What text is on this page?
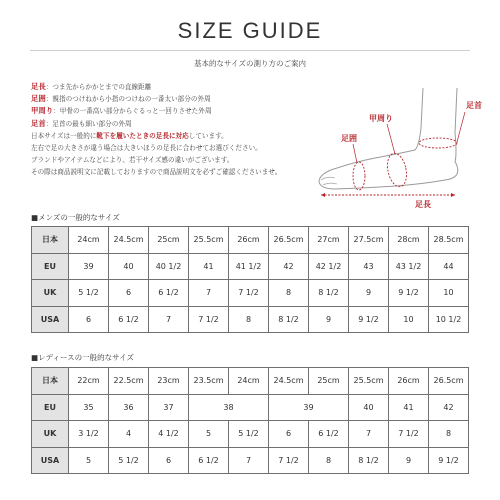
SIZE GUIDE
基本的なサイズの測り方のご案内
足長：つま先からかかとまでの直線距離
足囲：親指のつけねから小指のつけねの一番太い部分の外周
甲周り：甲骨の一番高い部分からぐるっと一回りさせた外周
足首：足首の最も細い部分の外周
日本サイズは一般的に靴下を履いたときの足長に対応しています。
左右で足の大きさが違う場合は大きいほうの足長に合わせてお選びください。
ブランドやアイテムなどにより、若干サイズ感の違いがございます。
その際は商品説明文に記載しておりますので商品説明文を必ずご確認くださいませ。
足首
甲周り
足囲
足長
■メンズの一般的なサイズ
日本	24cm	24.5cm	25cm	25.5cm	26cm	26.5cm	27cm	27.5cm	28cm	28.5cm
EU	39	40	40 1/2	41	41 1/2	42	42 1/2	43	43 1/2	44
UK	5 1/2	6	6 1/2	7	7 1/2	8	8 1/2	9	9 1/2	10
USA	6	6 1/2	7	7 1/2	8	8 1/2	9	9 1/2	10	10 1/2
■レディースの一般的なサイズ
日本	22cm	22.5cm	23cm	23.5cm	24cm	24.5cm	25cm	25.5cm	26cm	26.5cm
EU	35	36	37	38		39		40	41	42
UK	3 1/2	4	4 1/2	5	5 1/2	6	6 1/2	7	7 1/2	8
USA	5	5 1/2	6	6 1/2	7	7 1/2	8	8 1/2	9	9 1/2
